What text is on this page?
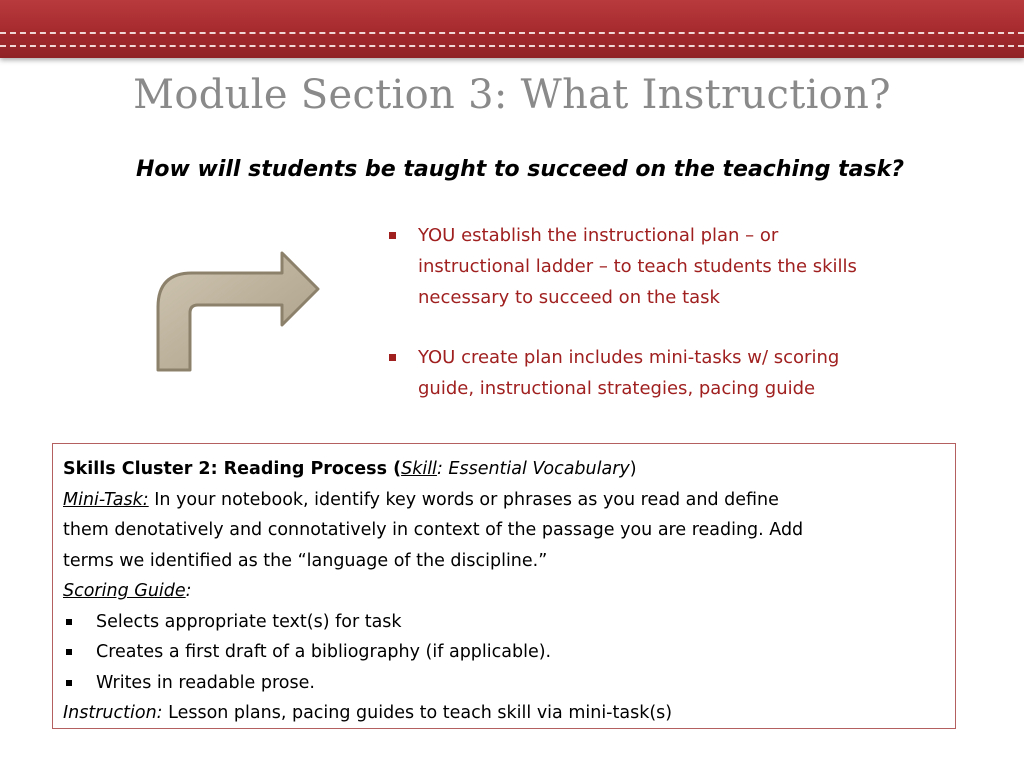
Module Section 3: What Instruction?
How will students be taught to succeed on the teaching task?
YOU establish the instructional plan – or
instructional ladder – to teach students the skills
necessary to succeed on the task
YOU create plan includes mini-tasks w/ scoring
guide, instructional strategies, pacing guide
Skills Cluster 2: Reading Process (Skill: Essential Vocabulary)
Mini-Task: In your notebook, identify key words or phrases as you read and define
them denotatively and connotatively in context of the passage you are reading. Add
terms we identified as the “language of the discipline.”
Scoring Guide:
Selects appropriate text(s) for task
Creates a first draft of a bibliography (if applicable).
Writes in readable prose.
Instruction: Lesson plans, pacing guides to teach skill via mini-task(s)
